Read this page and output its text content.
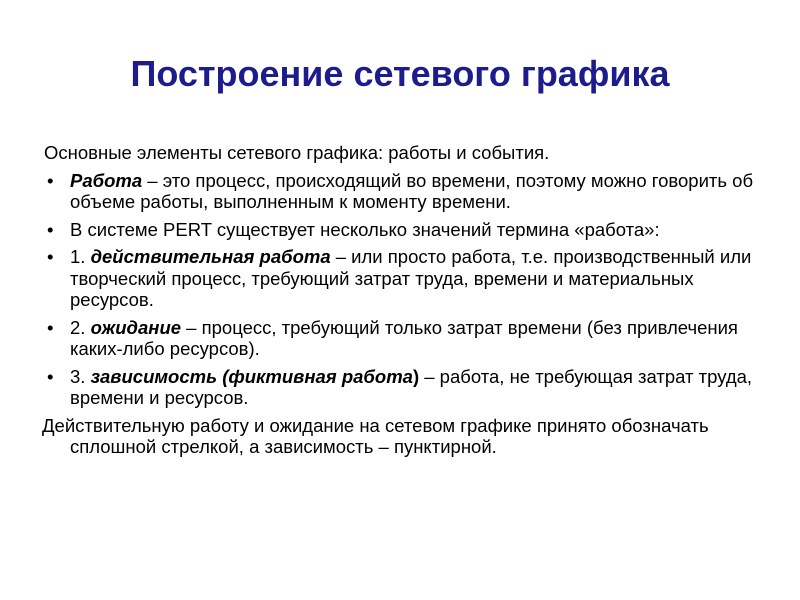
Построение сетевого графика

Основные элементы сетевого графика: работы и события.

• Работа – это процесс, происходящий во времени, поэтому можно говорить об объеме работы, выполненным к моменту времени.
• В системе PERT существует несколько значений термина «работа»:
• 1. действительная работа – или просто работа, т.е. производственный или творческий процесс, требующий затрат труда, времени и материальных ресурсов.
• 2. ожидание – процесс, требующий только затрат времени (без привлечения каких-либо ресурсов).
• 3. зависимость (фиктивная работа) – работа, не требующая затрат труда, времени и ресурсов.

Действительную работу и ожидание на сетевом графике принято обозначать сплошной стрелкой, а зависимость – пунктирной.
